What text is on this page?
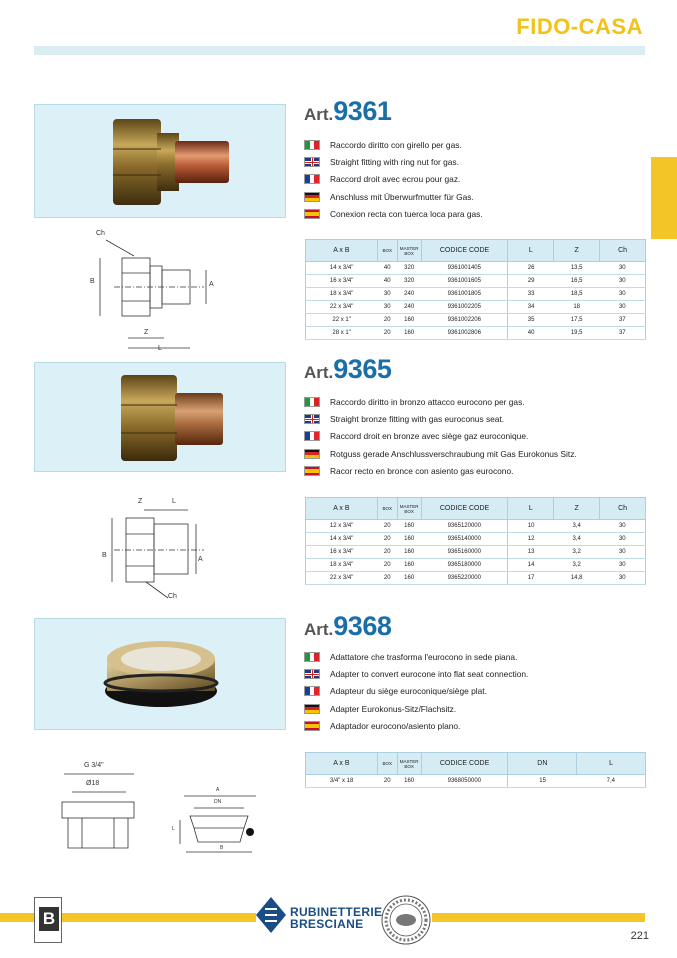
FIDO-CASA
Ch
B	A
Z
L
Art.9361
Raccordo diritto con girello per gas.
Straight fitting with ring nut for gas.
Raccord droit avec ecrou pour gaz.
Anschluss mit Überwurfmutter für Gas.
Conexion recta con tuerca loca para gas.
A x B	BOX	MASTER BOX	CODICE CODE	L	Z	Ch
14 x 3/4"	40	320	9361001405	26	13,5	30
16 x 3/4"	40	320	9361001605	29	16,5	30
18 x 3/4"	30	240	9361001805	33	18,5	30
22 x 3/4"	30	240	9361002205	34	18	30
22 x 1"	20	160	9361002206	35	17,5	37
28 x 1"	20	160	9361002806	40	19,5	37
Z	L
B
A
Ch
Art.9365
Raccordo diritto in bronzo attacco eurocono per gas.
Straight bronze fitting with gas euroconus seat.
Raccord droit en bronze avec siège gaz euroconique.
Rotguss gerade Anschlussverschraubung mit Gas Eurokonus Sitz.
Racor recto en bronce con asiento gas eurocono.
A x B	BOX	MASTER BOX	CODICE CODE	L	Z	Ch
12 x 3/4"	20	160	9365120000	10	3,4	30
14 x 3/4"	20	160	9365140000	12	3,4	30
16 x 3/4"	20	160	9365160000	13	3,2	30
18 x 3/4"	20	160	9365180000	14	3,2	30
22 x 3/4"	20	160	9365220000	17	14,8	30
G 3/4"
Ø18
A
DN
L
B
Art.9368
Adattatore che trasforma l'eurocono in sede piana.
Adapter to convert eurocone into flat seat connection.
Adapteur du siège euroconique/siège plat.
Adapter Eurokonus-Sitz/Flachsitz.
Adaptador eurocono/asiento plano.
A x B	BOX	MASTER BOX	CODICE CODE	DN	L
3/4" x 18	20	160	9368050000	15	7,4
B	RUBINETTERIE
BRESCIANE
221
